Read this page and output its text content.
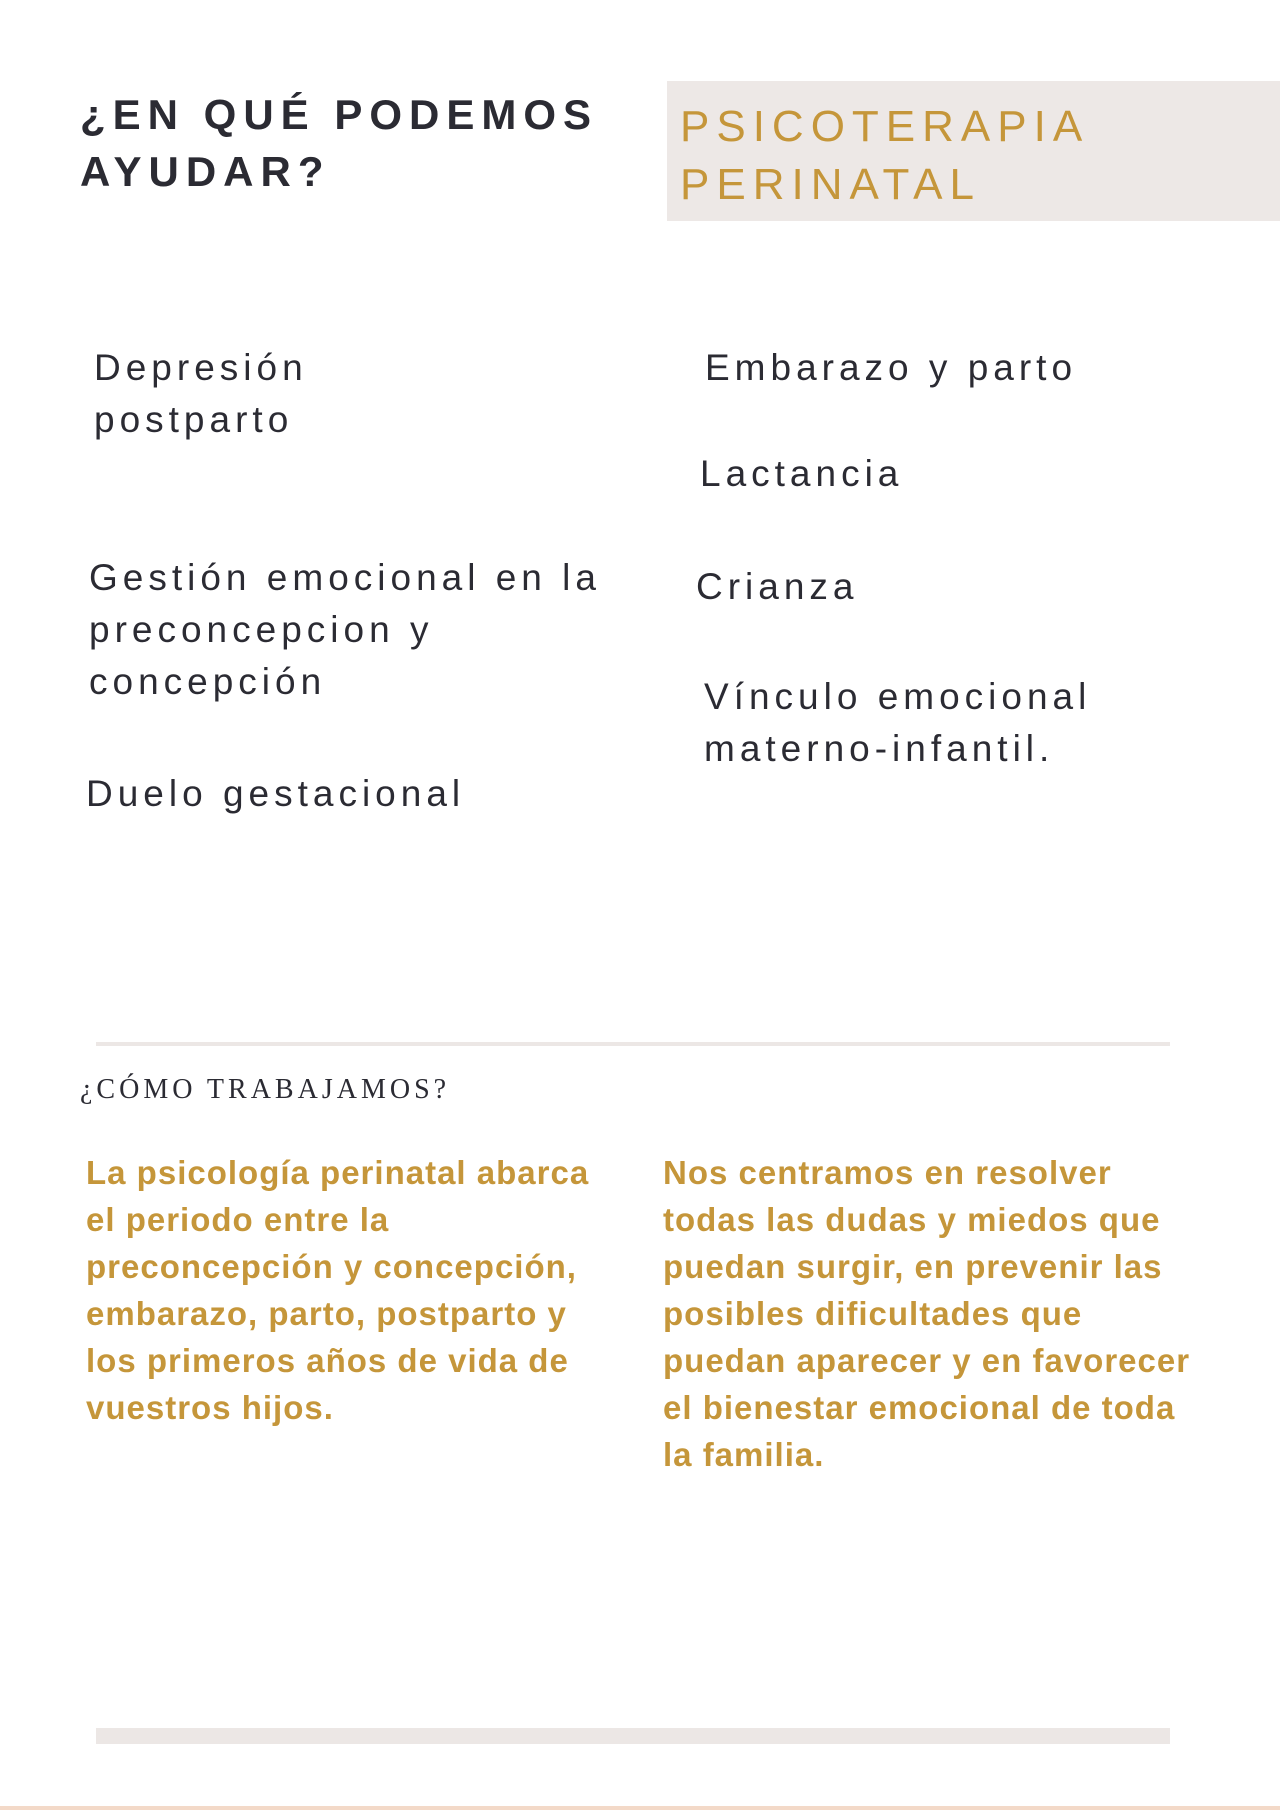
¿EN QUÉ PODEMOS AYUDAR?
PSICOTERAPIA PERINATAL
Depresión postparto
Gestión emocional en la preconcepcion y concepción
Duelo gestacional
Embarazo y parto
Lactancia
Crianza
Vínculo emocional materno-infantil.
¿CÓMO TRABAJAMOS?
La psicología perinatal abarca el periodo entre la preconcepción y concepción, embarazo, parto, postparto y los primeros años de vida de vuestros hijos.
Nos centramos en resolver todas las dudas y miedos que puedan surgir, en prevenir las posibles dificultades que puedan aparecer y en favorecer el bienestar emocional de toda la familia.
